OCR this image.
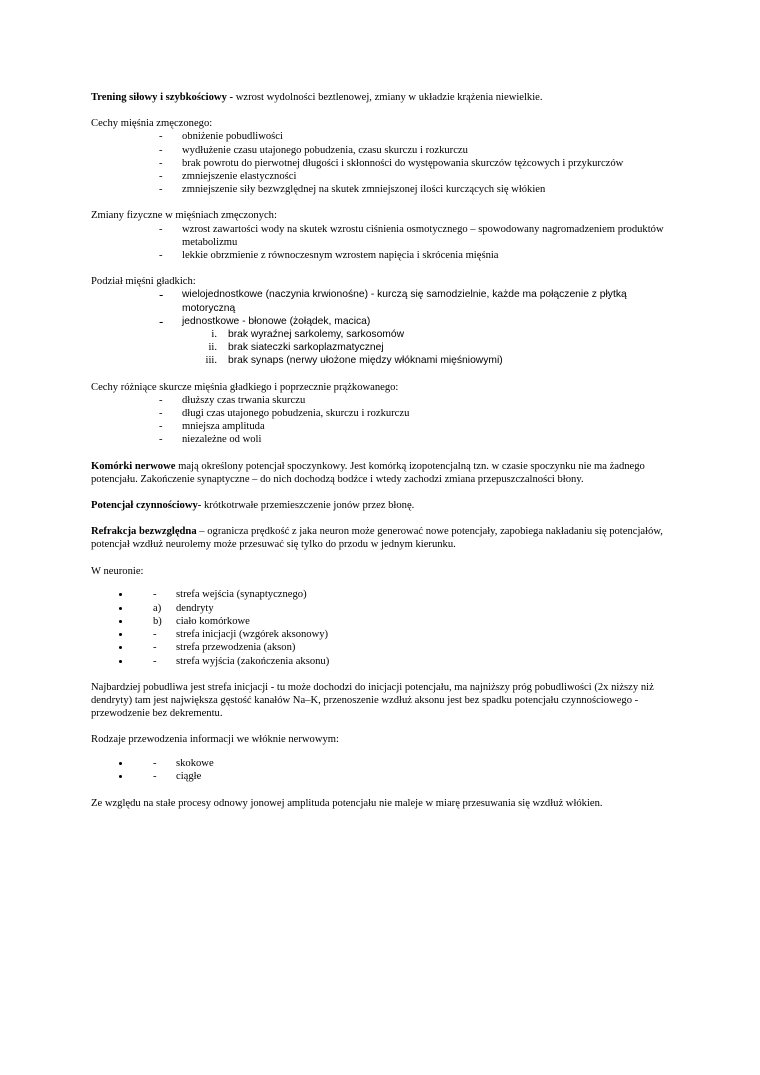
Trening siłowy i szybkościowy - wzrost wydolności beztlenowej, zmiany w układzie krążenia niewielkie.

Cechy mięśnia zmęczonego:

-	obniżenie pobudliwości
-	wydłużenie czasu utajonego pobudzenia, czasu skurczu i rozkurczu
-	brak powrotu do pierwotnej długości i skłonności do występowania skurczów tężcowych i przykurczów
-	zmniejszenie elastyczności
-	zmniejszenie siły bezwzględnej na skutek zmniejszonej ilości kurczących się włókien

Zmiany fizyczne w mięśniach zmęczonych:

-	wzrost zawartości wody na skutek wzrostu ciśnienia osmotycznego – spowodowany nagromadzeniem produktów metabolizmu
-	lekkie obrzmienie z równoczesnym wzrostem napięcia i skrócenia mięśnia

Podział mięśni gładkich:

-	wielojednostkowe (naczynia krwionośne) - kurczą się samodzielnie, każde ma połączenie z płytką motoryczną
-	jednostkowe - błonowe (żołądek, macica)
i. brak wyraźnej sarkolemy, sarkosomów
ii. brak siateczki sarkoplazmatycznej
iii. brak synaps (nerwy ułożone między włóknami mięśniowymi)

Cechy różniące skurcze mięśnia gładkiego i poprzecznie prążkowanego:

-	dłuższy czas trwania skurczu
-	długi czas utajonego pobudzenia, skurczu i rozkurczu
-	mniejsza amplituda
-	niezależne od woli

Komórki nerwowe mają określony potencjał spoczynkowy. Jest komórką izopotencjalną tzn. w czasie spoczynku nie ma żadnego potencjału. Zakończenie synaptyczne – do nich dochodzą bodźce i wtedy zachodzi zmiana przepuszczalności błony.

Potencjał czynnościowy- krótkotrwałe przemieszczenie jonów przez błonę.

Refrakcja bezwzględna – ogranicza prędkość z jaka neuron może generować nowe potencjały, zapobiega nakładaniu się potencjałów, potencjał wzdłuż neurolemy może przesuwać się tylko do przodu w jednym kierunku.

W neuronie:

• -	strefa wejścia (synaptycznego)
• a)	dendryty
• b)	ciało komórkowe
• -	strefa inicjacji (wzgórek aksonowy)
• -	strefa przewodzenia (akson)
• -	strefa wyjścia (zakończenia aksonu)

Najbardziej pobudliwa jest strefa inicjacji - tu może dochodzi do inicjacji potencjału, ma najniższy próg pobudliwości (2x niższy niż dendryty) tam jest największa gęstość kanałów Na–K, przenoszenie wzdłuż aksonu jest bez spadku potencjału czynnościowego - przewodzenie bez dekrementu.

Rodzaje przewodzenia informacji we włóknie nerwowym:

• -	skokowe
• -	ciągłe

Ze względu na stałe procesy odnowy jonowej amplituda potencjału nie maleje w miarę przesuwania się wzdłuż włókien.
